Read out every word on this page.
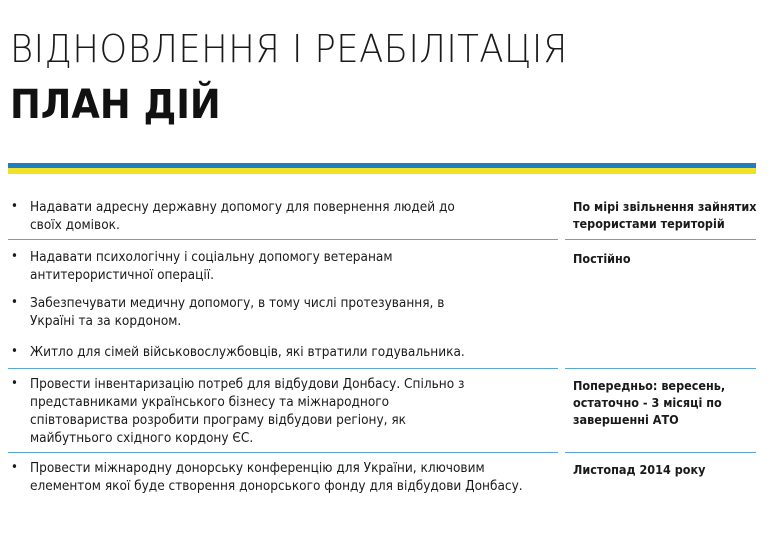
ВІДНОВЛЕННЯ І РЕАБІЛІТАЦІЯ
ПЛАН ДІЙ
• Надавати адресну державну допомогу для повернення людей до своїх домівок.
По мірі звільнення зайнятих терористами територій
• Надавати психологічну і соціальну допомогу ветеранам антитерористичної операції.
• Забезпечувати медичну допомогу, в тому числі протезування, в Україні та за кордоном.
• Житло для сімей військовослужбовців, які втратили годувальника.
Постійно
• Провести інвентаризацію потреб для відбудови Донбасу. Спільно з представниками українського бізнесу та міжнародного співтовариства розробити програму відбудови регіону, як майбутнього східного кордону ЄС.
Попередньо: вересень, остаточно - 3 місяці по завершенні АТО
• Провести міжнародну донорську конференцію для України, ключовим елементом якої буде створення донорського фонду для відбудови Донбасу.
Листопад 2014 року
